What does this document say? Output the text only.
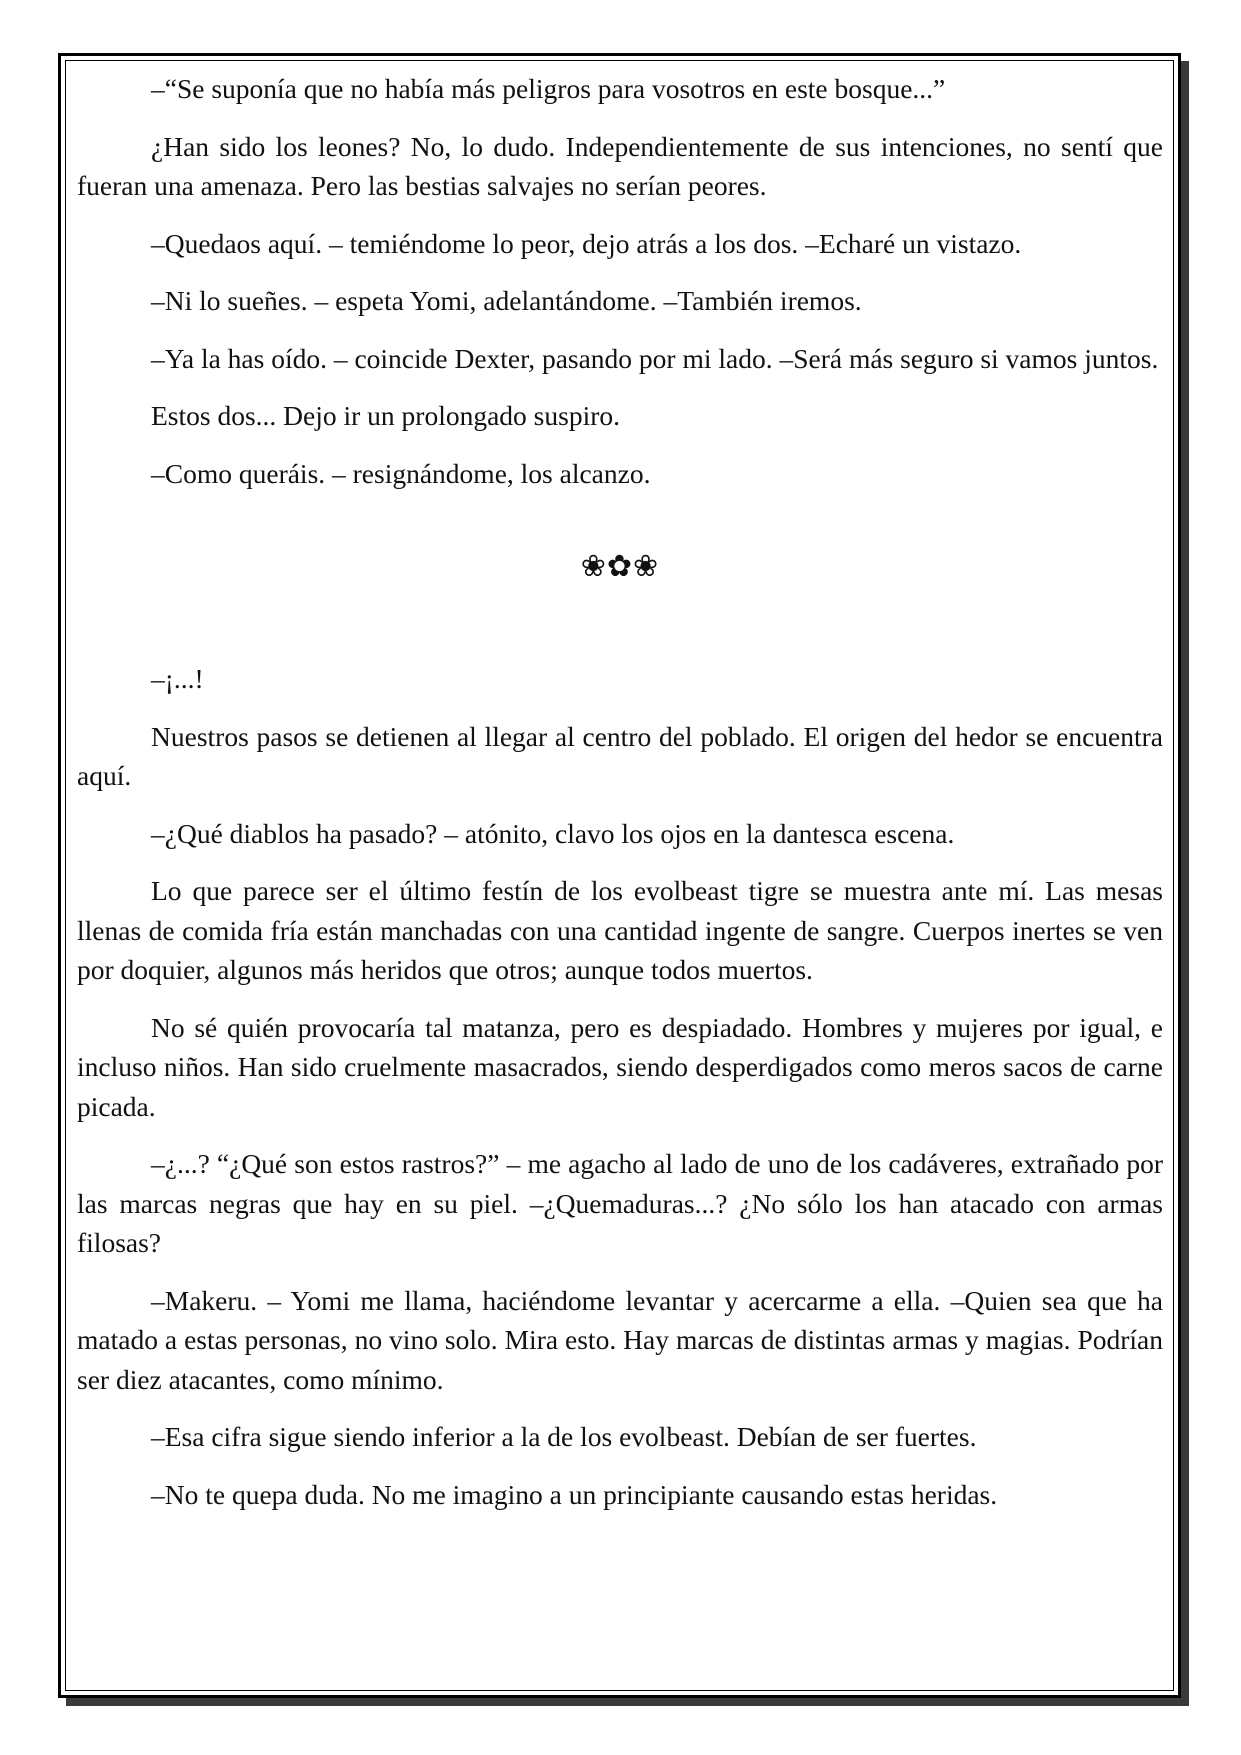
–“Se suponía que no había más peligros para vosotros en este bosque...”

¿Han sido los leones? No, lo dudo. Independientemente de sus intenciones, no sentí que fueran una amenaza. Pero las bestias salvajes no serían peores.

–Quedaos aquí. – temiéndome lo peor, dejo atrás a los dos. –Echaré un vistazo.

–Ni lo sueñes. – espeta Yomi, adelantándome. –También iremos.

–Ya la has oído. – coincide Dexter, pasando por mi lado. –Será más seguro si vamos juntos.

Estos dos... Dejo ir un prolongado suspiro.

–Como queráis. – resignándome, los alcanzo.

❀✿❀

–¡...!

Nuestros pasos se detienen al llegar al centro del poblado. El origen del hedor se encuentra aquí.

–¿Qué diablos ha pasado? – atónito, clavo los ojos en la dantesca escena.

Lo que parece ser el último festín de los evolbeast tigre se muestra ante mí. Las mesas llenas de comida fría están manchadas con una cantidad ingente de sangre. Cuerpos inertes se ven por doquier, algunos más heridos que otros; aunque todos muertos.

No sé quién provocaría tal matanza, pero es despiadado. Hombres y mujeres por igual, e incluso niños. Han sido cruelmente masacrados, siendo desperdigados como meros sacos de carne picada.

–¿...? “¿Qué son estos rastros?” – me agacho al lado de uno de los cadáveres, extrañado por las marcas negras que hay en su piel. –¿Quemaduras...? ¿No sólo los han atacado con armas filosas?

–Makeru. – Yomi me llama, haciéndome levantar y acercarme a ella. –Quien sea que ha matado a estas personas, no vino solo. Mira esto. Hay marcas de distintas armas y magias. Podrían ser diez atacantes, como mínimo.

–Esa cifra sigue siendo inferior a la de los evolbeast. Debían de ser fuertes.

–No te quepa duda. No me imagino a un principiante causando estas heridas.
